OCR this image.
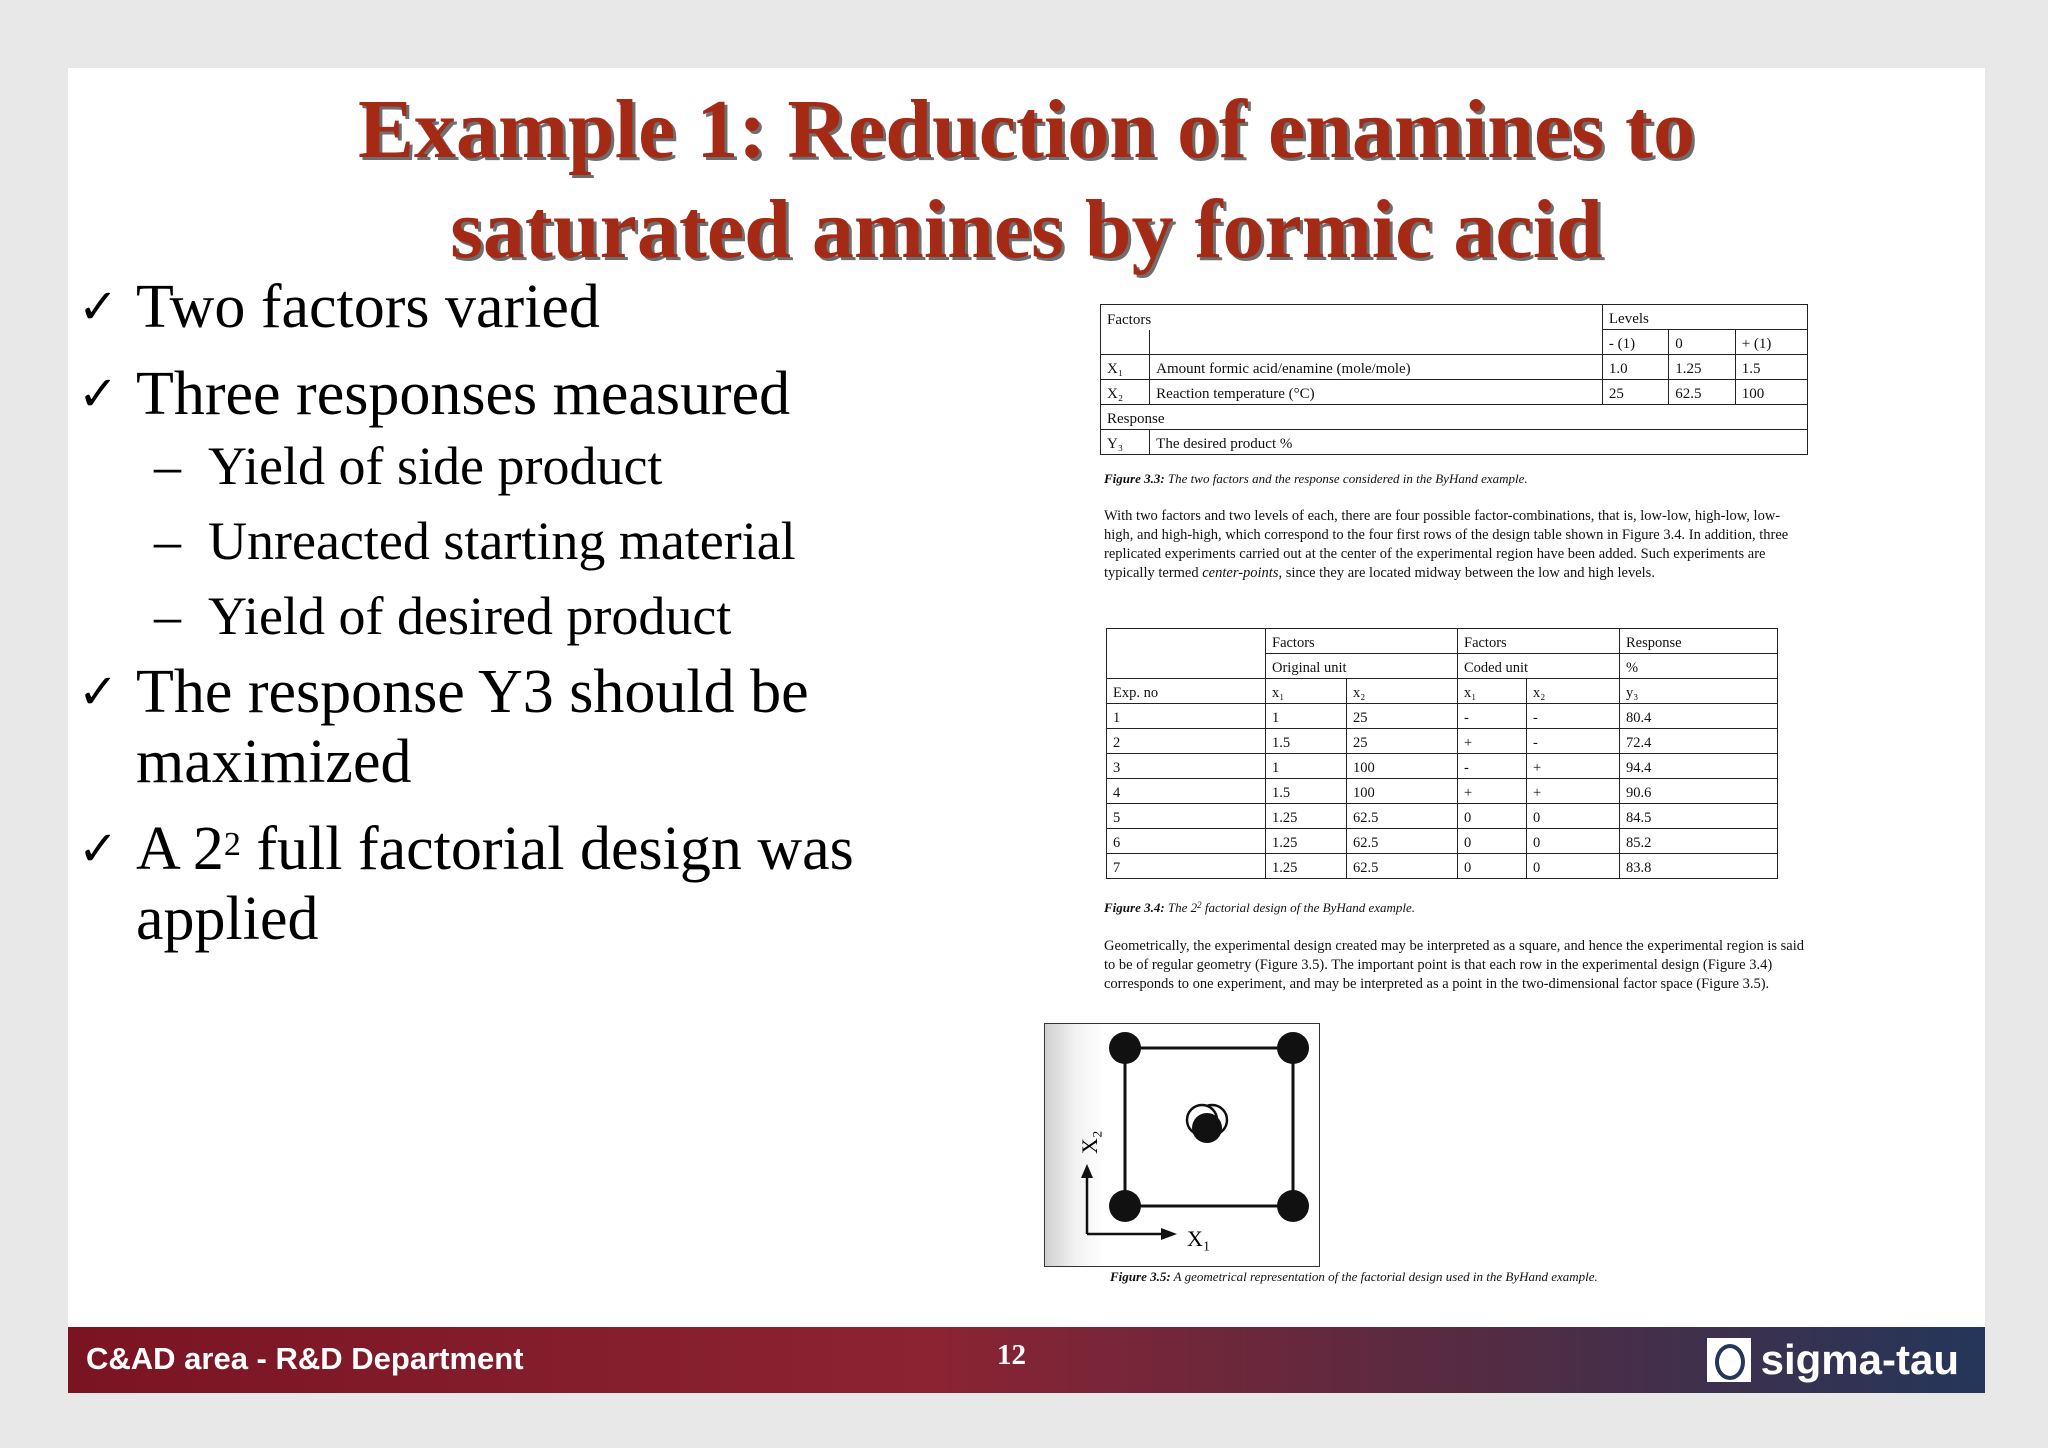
Example 1: Reduction of enamines to
saturated amines by formic acid
✓ Two factors varied
✓ Three responses measured
– Yield of side product
– Unreacted starting material
– Yield of desired product
✓ The response Y3 should be
maximized
✓ A $2^2$ full factorial design was
applied
Factors		Levels		
		- (1)	0	+ (1)
X₁	Amount formic acid/enamine (mole/mole)	1.0	1.25	1.5
X₂	Reaction temperature (°C)	25	62.5	100
Response				
Y₃	The desired product %			
Figure 3.3: The two factors and the response considered in the ByHand example.
With two factors and two levels of each, there are four possible factor-combinations, that is, low-low, high-low, low-high, and high-high, which correspond to the four first rows of the design table shown in Figure 3.4. In addition, three replicated experiments carried out at the center of the experimental region have been added. Such experiments are typically termed center-points, since they are located midway between the low and high levels.
	Factors		Factors		Response
	Original unit		Coded unit		%
Exp. no	x₁	x₂	x₁	x₂	y₃
1	1	25	-	-	80.4
2	1.5	25	+	-	72.4
3	1	100	-	+	94.4
4	1.5	100	+	+	90.6
5	1.25	62.5	0	0	84.5
6	1.25	62.5	0	0	85.2
7	1.25	62.5	0	0	83.8
Figure 3.4: The $2^2$ factorial design of the ByHand example.
Geometrically, the experimental design created may be interpreted as a square, and hence the experimental region is said to be of regular geometry (Figure 3.5). The important point is that each row in the experimental design (Figure 3.4) corresponds to one experiment, and may be interpreted as a point in the two-dimensional factor space (Figure 3.5).
X₁
X₂
Figure 3.5: A geometrical representation of the factorial design used in the ByHand example.
C&AD area - R&D Department	12	sigma-tau
